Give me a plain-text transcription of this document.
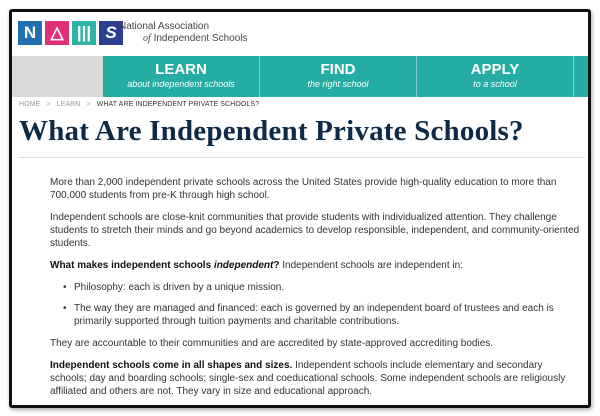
N △ ||| S National Association
of Independent Schools
LEARN
about independent schools
FIND
the right school
APPLY
to a school
HOME > LEARN > WHAT ARE INDEPENDENT PRIVATE SCHOOLS?
What Are Independent Private Schools?

More than 2,000 independent private schools across the United States provide high-quality education to more than 700,000 students from pre-K through high school.

Independent schools are close-knit communities that provide students with individualized attention. They challenge students to stretch their minds and go beyond academics to develop responsible, independent, and community-oriented students.

What makes independent schools independent? Independent schools are independent in:

• Philosophy: each is driven by a unique mission.
• The way they are managed and financed: each is governed by an independent board of trustees and each is primarily supported through tuition payments and charitable contributions.

They are accountable to their communities and are accredited by state-approved accrediting bodies.

Independent schools come in all shapes and sizes. Independent schools include elementary and secondary schools; day and boarding schools; single-sex and coeducational schools. Some independent schools are religiously affiliated and others are not. They vary in size and educational approach.
